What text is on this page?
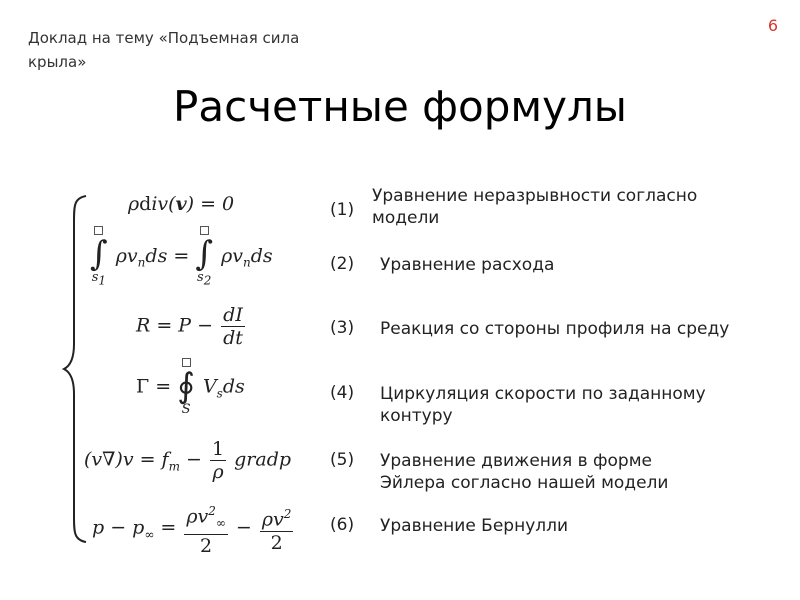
Доклад на тему «Подъемная сила крыла»
6
Расчетные формулы
ρdiv(v) = 0
∫
$s_1$
$\rho v_nds$ = ∫
$s_2$
$\rho v_nds$
$R = P - \frac{dI}{dt}$
Γ = ∮
S
$V_sds$
$(v\nabla)v = f_m - \frac{1}{\rho}$ gradp
$p - p_\infty = \frac{\rho v^2_\infty}{2} - \frac{\rho v^2}{2}$
(1)
Уравнение неразрывности согласно модели
(2) Уравнение расхода
(3) Реакция со стороны профиля на среду
(4) Циркуляция скорости по заданному контуру
(5) Уравнение движения в форме Эйлера согласно нашей модели
(6) Уравнение Бернулли
